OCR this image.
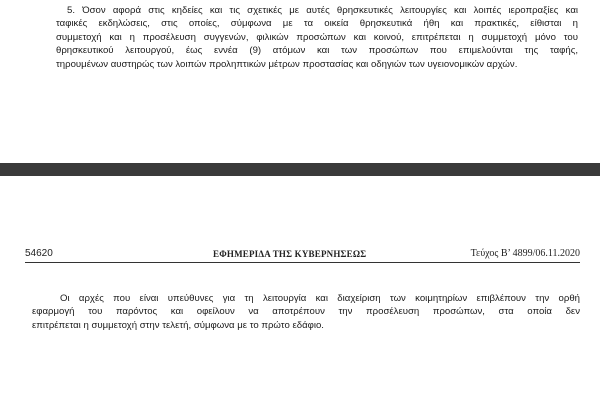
5. Όσον αφορά στις κηδείες και τις σχετικές με αυτές θρησκευτικές λειτουργίες και λοιπές ιεροπραξίες και
ταφικές εκδηλώσεις, στις οποίες, σύμφωνα με τα οικεία θρησκευτικά ήθη και πρακτικές, είθισται η
συμμετοχή και η προσέλευση συγγενών, φιλικών προσώπων και κοινού, επιτρέπεται η συμμετοχή μόνο του
θρησκευτικού λειτουργού, έως εννέα (9) ατόμων και των προσώπων που επιμελούνται της ταφής,
τηρουμένων αυστηρώς των λοιπών προληπτικών μέτρων προστασίας και οδηγιών των υγειονομικών αρχών.
54620	ΕΦΗΜΕΡΙΔΑ ΤΗΣ ΚΥΒΕΡΝΗΣΕΩΣ	Τεύχος Β’ 4899/06.11.2020
Οι αρχές που είναι υπεύθυνες για τη λειτουργία και διαχείριση των κοιμητηρίων επιβλέπουν την ορθή
εφαρμογή του παρόντος και οφείλουν να αποτρέπουν την προσέλευση προσώπων, στα οποία δεν
επιτρέπεται η συμμετοχή στην τελετή, σύμφωνα με το πρώτο εδάφιο.
